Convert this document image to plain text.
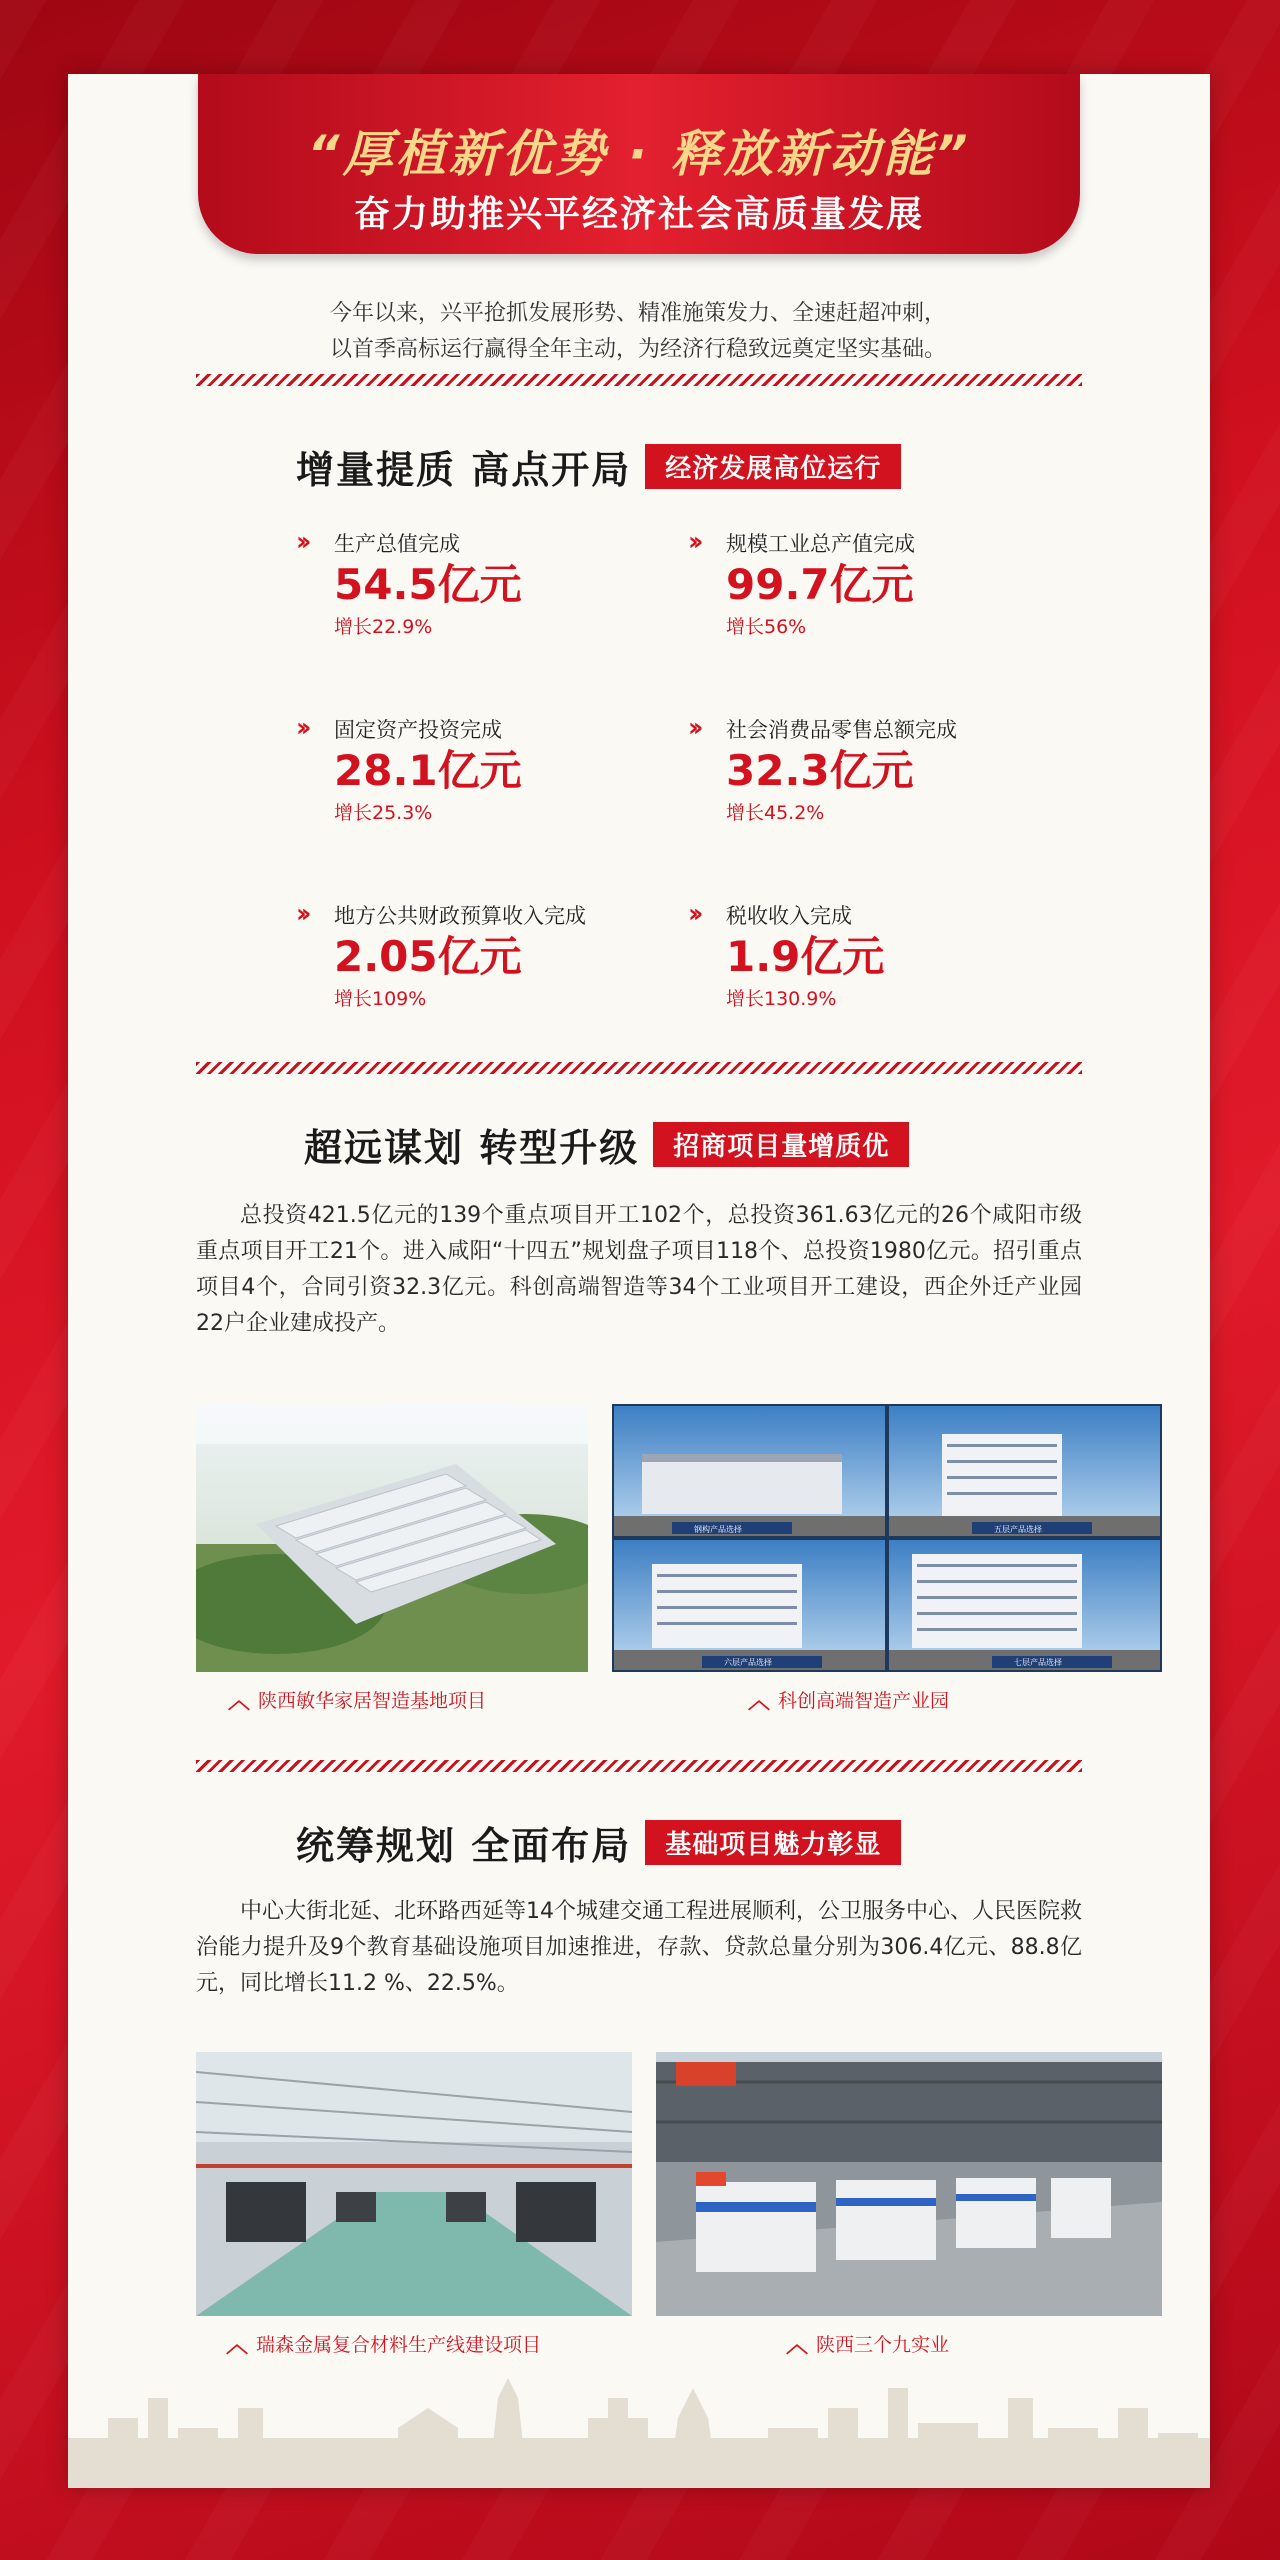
“厚植新优势 · 释放新动能”
奋力助推兴平经济社会高质量发展
今年以来，兴平抢抓发展形势、精准施策发力、全速赶超冲刺，
以首季高标运行赢得全年主动，为经济行稳致远奠定坚实基础。
增量提质 高点开局	经济发展高位运行
›› 生产总值完成
54.5亿元
增长22.9%
›› 规模工业总产值完成
99.7亿元
增长56%
›› 固定资产投资完成
28.1亿元
增长25.3%
›› 社会消费品零售总额完成
32.3亿元
增长45.2%
›› 地方公共财政预算收入完成
2.05亿元
增长109%
›› 税收收入完成
1.9亿元
增长130.9%
超远谋划 转型升级	招商项目量增质优
总投资421.5亿元的139个重点项目开工102个，总投资361.63亿元的26个咸阳市级重点项目开工21个。进入咸阳“十四五”规划盘子项目118个、总投资1980亿元。招引重点项目4个，合同引资32.3亿元。科创高端智造等34个工业项目开工建设，西企外迁产业园22户企业建成投产。
︿ 陕西敏华家居智造基地项目
钢构产品选择	五层产品选择
六层产品选择	七层产品选择
︿ 科创高端智造产业园
统筹规划 全面布局	基础项目魅力彰显
中心大街北延、北环路西延等14个城建交通工程进展顺利，公卫服务中心、人民医院救治能力提升及9个教育基础设施项目加速推进，存款、贷款总量分别为306.4亿元、88.8亿元，同比增长11.2 %、22.5%。
︿ 瑞森金属复合材料生产线建设项目	︿ 陕西三个九实业
